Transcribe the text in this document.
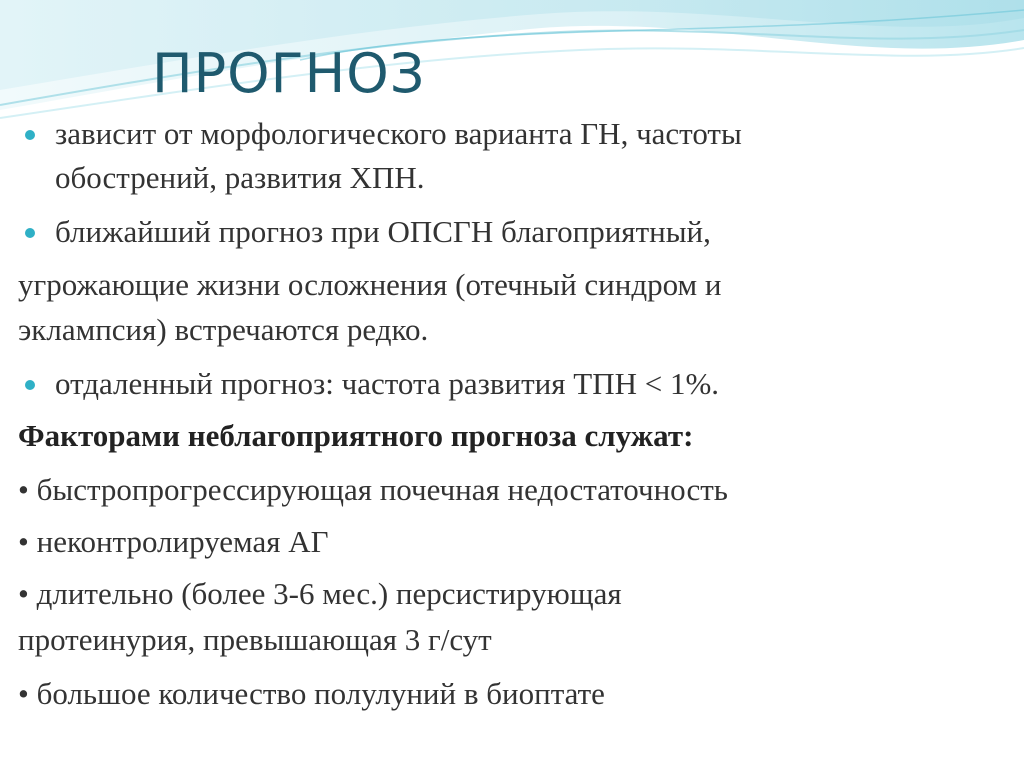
ПРОГНОЗ
зависит от морфологического варианта ГН, частоты
обострений, развития ХПН.
ближайший прогноз при ОПСГН благоприятный,
угрожающие жизни осложнения (отечный синдром и
эклампсия) встречаются редко.
отдаленный прогноз: частота развития ТПН < 1%.
Факторами неблагоприятного прогноза служат:
• быстропрогрессирующая почечная недостаточность
• неконтролируемая АГ
• длительно (более 3-6 мес.) персистирующая
протеинурия, превышающая 3 г/сут
• большое количество полулуний в биоптате
